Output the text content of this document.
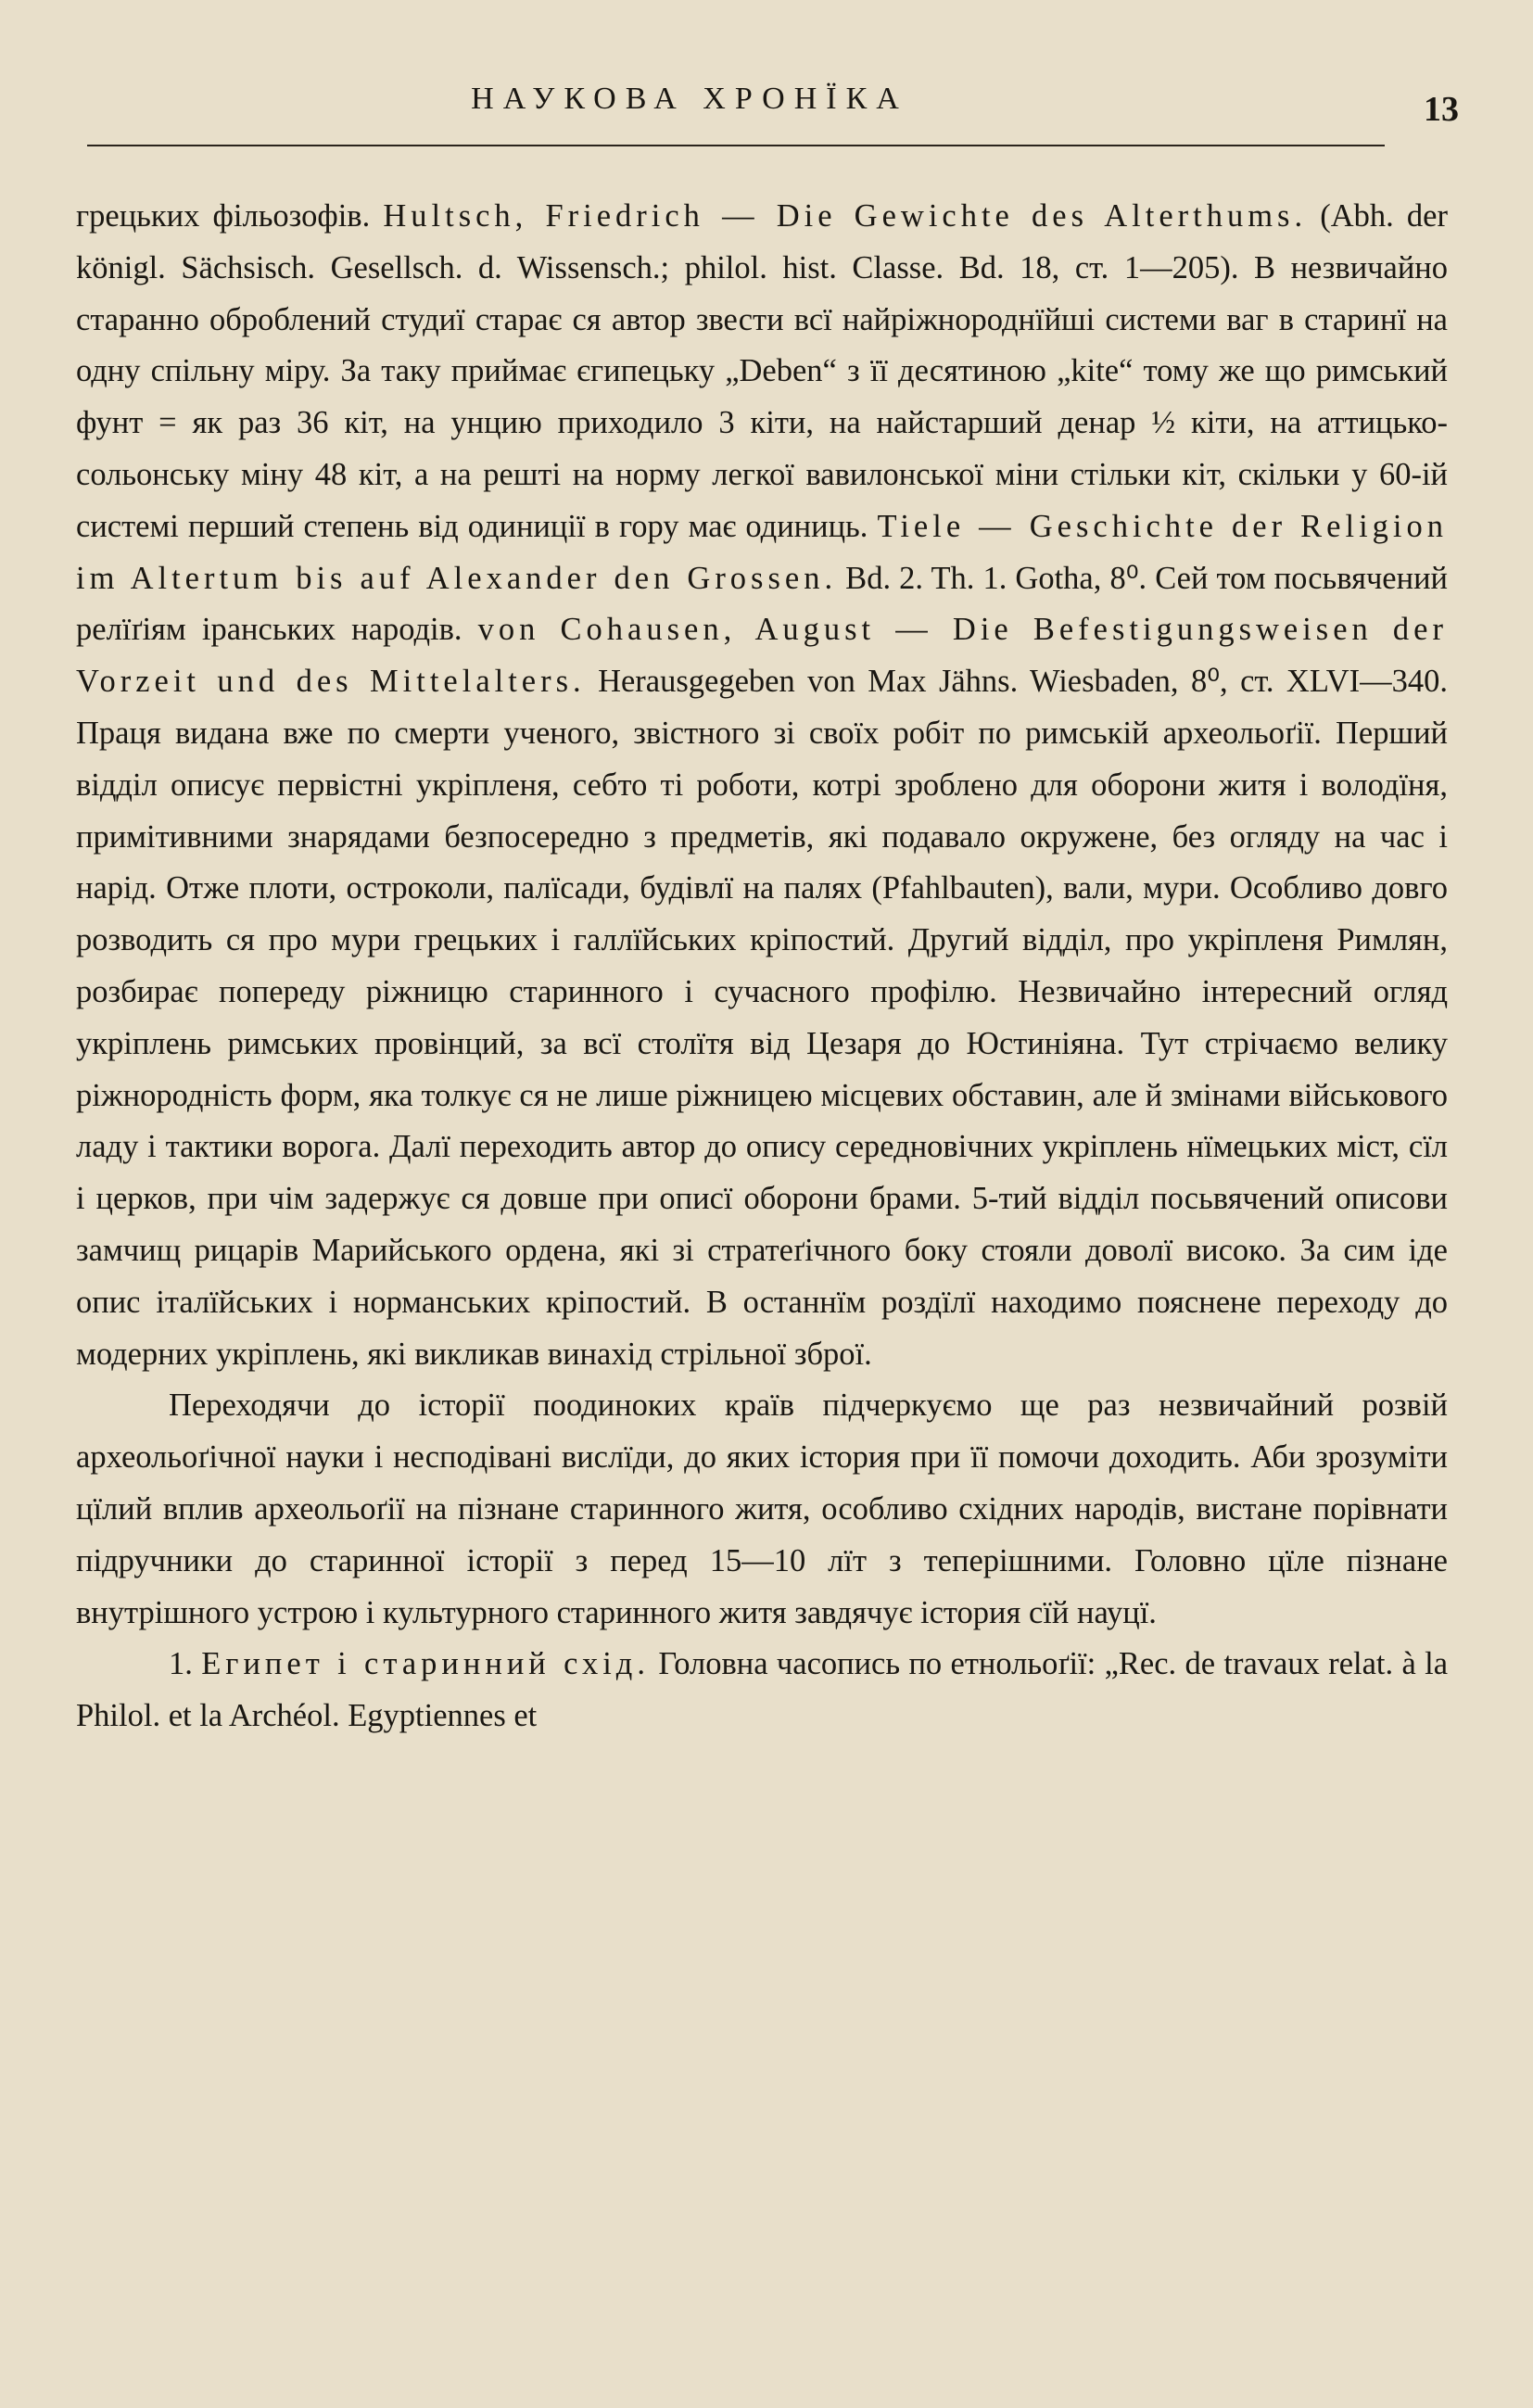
НАУКОВА ХРОНЇКА	13

грецьких фільозофів. Hultsch, Friedrich — Die Gewichte des Alterthums. (Abh. der königl. Sächsisch. Gesellsch. d. Wissensch.; philol. hist. Classe. Bd. 18, ст. 1—205). В незвичайно старанно оброблений студиї старає ся автор звести всї найріжнороднїйші системи ваг в старинї на одну спільну міру. За таку приймає єгипецьку „Deben“ з її десятиною „kite“ тому же що римський фунт = як раз 36 кіт, на унцию приходило 3 кіти, на найстарший денар ½ кіти, на аттицько-сольонську міну 48 кіт, а на решті на норму легкої вавилонської міни стільки кіт, скільки у 60-ій системі перший степень від одиниції в гору має одиниць. Tiele — Geschichte der Religion im Altertum bis auf Alexander den Grossen. Bd. 2. Th. 1. Gotha, 8⁰. Сей том посьвячений релїґіям іранських народів. von Cohausen, August — Die Befestigungsweisen der Vorzeit und des Mittelalters. Herausgegeben von Max Jähns. Wiesbaden, 8⁰, ст. XLVI—340. Праця видана вже по смерти ученого, звістного зі своїх робіт по римській археольоґії. Перший відділ описує первістні укріпленя, себто ті роботи, котрі зроблено для оборони житя і володїня, примітивними знарядами безпосередно з предметів, які подавало окружене, без огляду на час і нарід. Отже плоти, остроколи, палїсади, будівлї на палях (Pfahlbauten), вали, мури. Особливо довго розводить ся про мури грецьких і галлїйських кріпостий. Другий відділ, про укріпленя Римлян, розбирає попереду ріжницю старинного і сучасного профілю. Незвичайно інтересний огляд укріплень римських провінций, за всї столїтя від Цезаря до Юстиніяна. Тут стрічаємо велику ріжнородність форм, яка толкує ся не лише ріжницею місцевих обставин, але й змінами військового ладу і тактики ворога. Далї переходить автор до опису середновічних укріплень нїмецьких міст, сїл і церков, при чім задержує ся довше при описї оборони брами. 5-тий відділ посьвячений описови замчищ рицарів Марийського ордена, які зі стратеґічного боку стояли доволї високо. За сим іде опис італїйських і норманських кріпостий. В останнїм роздїлї находимо пояснене переходу до модерних укріплень, які викликав винахід стрільної зброї.

Переходячи до історії поодиноких країв підчеркуємо ще раз незвичайний розвій археольоґічної науки і несподівані вислїди, до яких істория при її помочи доходить. Аби зрозуміти цїлий вплив археольоґії на пізнане старинного житя, особливо східних народів, вистане порівнати підручники до старинної історії з перед 15—10 лїт з теперішними. Головно цїле пізнане внутрішного устрою і культурного старинного житя завдячує істория сїй науцї.

1. Египет і старинний схід. Головна часопись по етнольоґії: „Rec. de travaux relat. à la Philol. et la Archéol. Egyptiennes et
